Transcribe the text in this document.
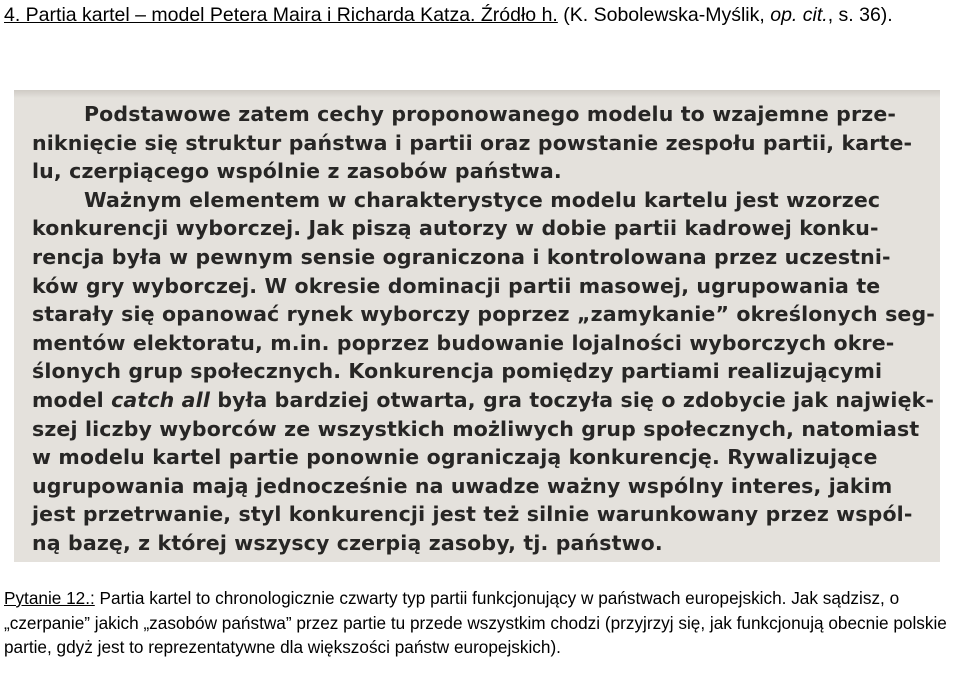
4. Partia kartel – model Petera Maira i Richarda Katza. Źródło h. (K. Sobolewska-Myślik, op. cit., s. 36).
Podstawowe zatem cechy proponowanego modelu to wzajemne prze-
niknięcie się struktur państwa i partii oraz powstanie zespołu partii, karte-
lu, czerpiącego wspólnie z zasobów państwa.
Ważnym elementem w charakterystyce modelu kartelu jest wzorzec
konkurencji wyborczej. Jak piszą autorzy w dobie partii kadrowej konku-
rencja była w pewnym sensie ograniczona i kontrolowana przez uczestni-
ków gry wyborczej. W okresie dominacji partii masowej, ugrupowania te
starały się opanować rynek wyborczy poprzez „zamykanie” określonych seg-
mentów elektoratu, m.in. poprzez budowanie lojalności wyborczych okre-
ślonych grup społecznych. Konkurencja pomiędzy partiami realizującymi
model catch all była bardziej otwarta, gra toczyła się o zdobycie jak najwięk-
szej liczby wyborców ze wszystkich możliwych grup społecznych, natomiast
w modelu kartel partie ponownie ograniczają konkurencję. Rywalizujące
ugrupowania mają jednocześnie na uwadze ważny wspólny interes, jakim
jest przetrwanie, styl konkurencji jest też silnie warunkowany przez wspól-
ną bazę, z której wszyscy czerpią zasoby, tj. państwo.
Pytanie 12.: Partia kartel to chronologicznie czwarty typ partii funkcjonujący w państwach europejskich. Jak sądzisz, o „czerpanie” jakich „zasobów państwa” przez partie tu przede wszystkim chodzi (przyjrzyj się, jak funkcjonują obecnie polskie partie, gdyż jest to reprezentatywne dla większości państw europejskich).
